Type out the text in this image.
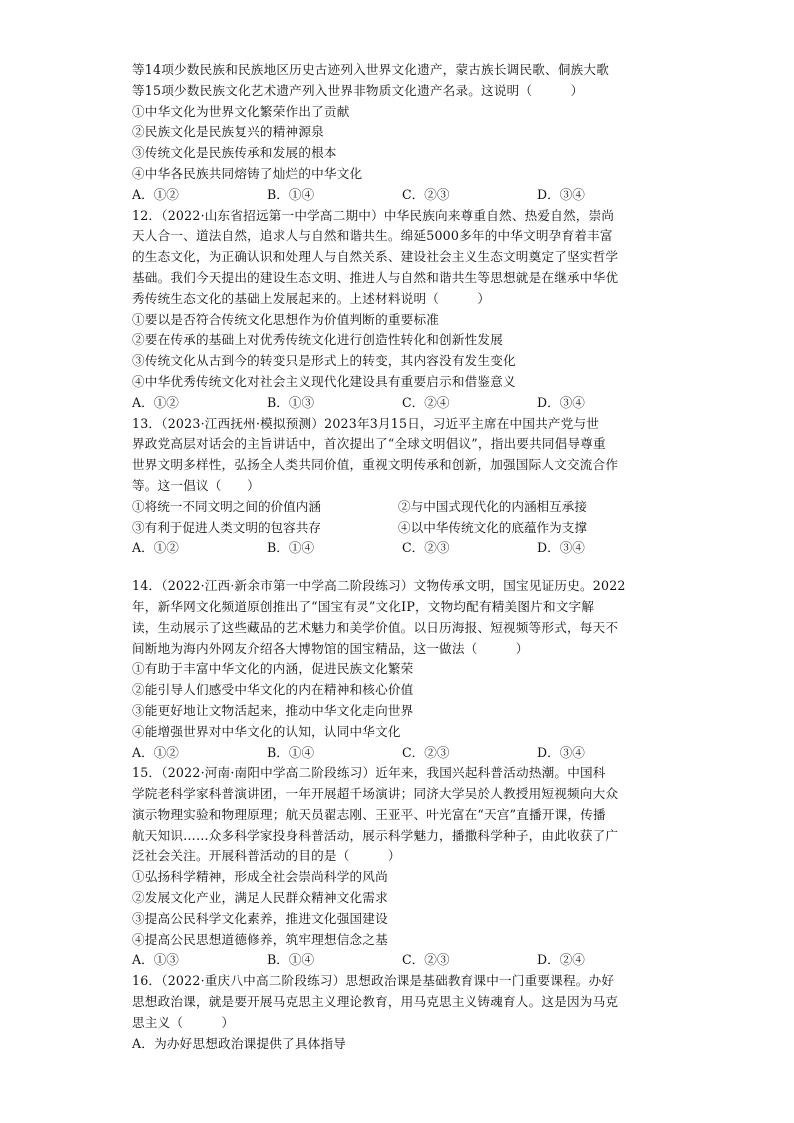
等14项少数民族和民族地区历史古迹列入世界文化遗产，蒙古族长调民歌、侗族大歌
等15项少数民族文化艺术遗产列入世界非物质文化遗产名录。这说明（　　　）
①中华文化为世界文化繁荣作出了贡献
②民族文化是民族复兴的精神源泉
③传统文化是民族传承和发展的根本
④中华各民族共同熔铸了灿烂的中华文化
A．①②	B．①④	C．②③	D．③④
12．（2022·山东省招远第一中学高二期中）中华民族向来尊重自然、热爱自然，崇尚
天人合一、道法自然，追求人与自然和谐共生。绵延5000多年的中华文明孕育着丰富
的生态文化，为正确认识和处理人与自然关系、建设社会主义生态文明奠定了坚实哲学
基础。我们今天提出的建设生态文明、推进人与自然和谐共生等思想就是在继承中华优
秀传统生态文化的基础上发展起来的。上述材料说明（　　　）
①要以是否符合传统文化思想作为价值判断的重要标准
②要在传承的基础上对优秀传统文化进行创造性转化和创新性发展
③传统文化从古到今的转变只是形式上的转变，其内容没有发生变化
④中华优秀传统文化对社会主义现代化建设具有重要启示和借鉴意义
A．①②	B．①③	C．②④	D．③④
13．（2023·江西抚州·模拟预测）2023年3月15日，习近平主席在中国共产党与世
界政党高层对话会的主旨讲话中，首次提出了“全球文明倡议”，指出要共同倡导尊重
世界文明多样性，弘扬全人类共同价值，重视文明传承和创新，加强国际人文交流合作
等。这一倡议（　　）
①将统一不同文明之间的价值内涵	②与中国式现代化的内涵相互承接
③有利于促进人类文明的包容共存	④以中华传统文化的底蕴作为支撑
A．①②	B．①④	C．②③	D．③④
14．（2022·江西·新余市第一中学高二阶段练习）文物传承文明，国宝见证历史。2022
年，新华网文化频道原创推出了“国宝有灵”文化IP，文物均配有精美图片和文字解
读，生动展示了这些藏品的艺术魅力和美学价值。以日历海报、短视频等形式，每天不
间断地为海内外网友介绍各大博物馆的国宝精品，这一做法（　　　）
①有助于丰富中华文化的内涵，促进民族文化繁荣
②能引导人们感受中华文化的内在精神和核心价值
③能更好地让文物活起来，推动中华文化走向世界
④能增强世界对中华文化的认知，认同中华文化
A．①②	B．①④	C．②③	D．③④
15．（2022·河南·南阳中学高二阶段练习）近年来，我国兴起科普活动热潮。中国科
学院老科学家科普演讲团，一年开展超千场演讲；同济大学吴於人教授用短视频向大众
演示物理实验和物理原理；航天员翟志刚、王亚平、叶光富在“天宫”直播开课，传播
航天知识……众多科学家投身科普活动，展示科学魅力，播撒科学种子，由此收获了广
泛社会关注。开展科普活动的目的是（　　　）
①弘扬科学精神，形成全社会崇尚科学的风尚
②发展文化产业，满足人民群众精神文化需求
③提高公民科学文化素养，推进文化强国建设
④提高公民思想道德修养，筑牢理想信念之基
A．①③	B．①④	C．②③	D．②④
16．（2022·重庆八中高二阶段练习）思想政治课是基础教育课中一门重要课程。办好
思想政治课，就是要开展马克思主义理论教育，用马克思主义铸魂育人。这是因为马克
思主义（　　　）
A．为办好思想政治课提供了具体指导
